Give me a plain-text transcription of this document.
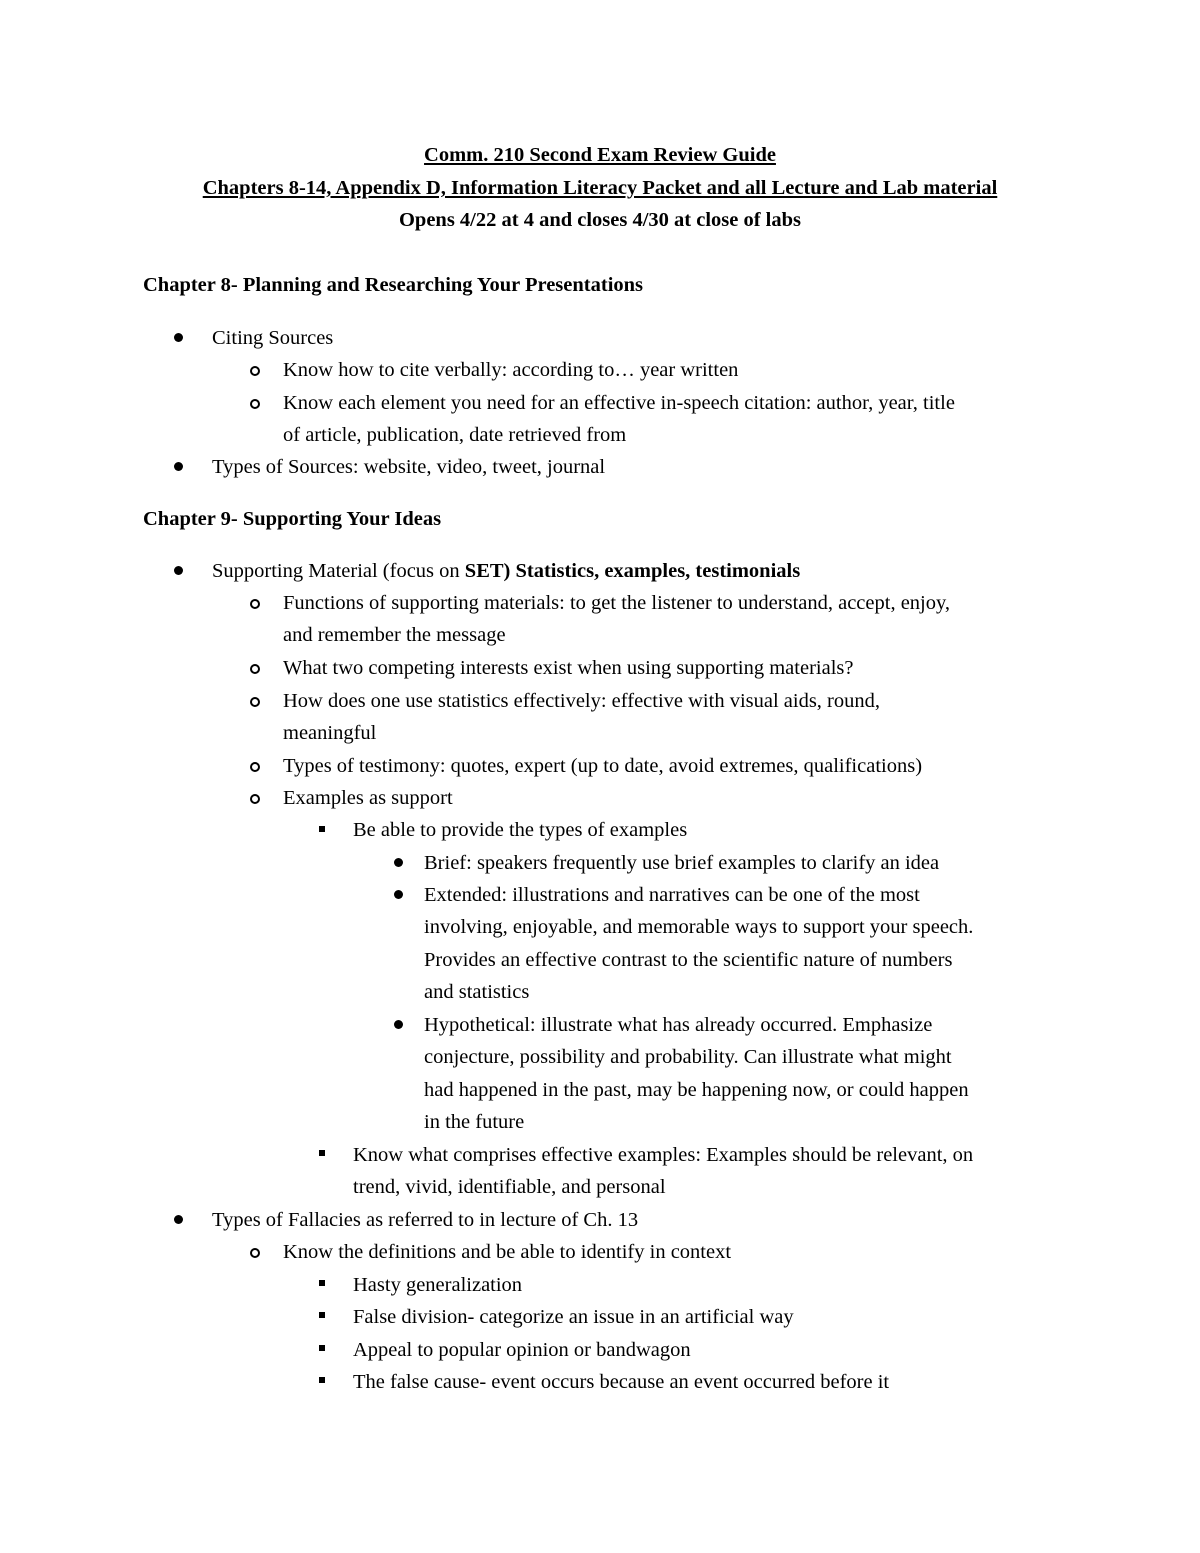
Comm. 210 Second Exam Review Guide
Chapters 8-14, Appendix D, Information Literacy Packet and all Lecture and Lab material
Opens 4/22 at 4 and closes 4/30 at close of labs
Chapter 8- Planning and Researching Your Presentations
Citing Sources
Know how to cite verbally: according to… year written
Know each element you need for an effective in-speech citation: author, year, title
of article, publication, date retrieved from
Types of Sources: website, video, tweet, journal
Chapter 9- Supporting Your Ideas
Supporting Material (focus on SET) Statistics, examples, testimonials
Functions of supporting materials: to get the listener to understand, accept, enjoy,
and remember the message
What two competing interests exist when using supporting materials?
How does one use statistics effectively: effective with visual aids, round,
meaningful
Types of testimony: quotes, expert (up to date, avoid extremes, qualifications)
Examples as support
Be able to provide the types of examples
Brief: speakers frequently use brief examples to clarify an idea
Extended: illustrations and narratives can be one of the most
involving, enjoyable, and memorable ways to support your speech.
Provides an effective contrast to the scientific nature of numbers
and statistics
Hypothetical: illustrate what has already occurred. Emphasize
conjecture, possibility and probability. Can illustrate what might
had happened in the past, may be happening now, or could happen
in the future
Know what comprises effective examples: Examples should be relevant, on
trend, vivid, identifiable, and personal
Types of Fallacies as referred to in lecture of Ch. 13
Know the definitions and be able to identify in context
Hasty generalization
False division- categorize an issue in an artificial way
Appeal to popular opinion or bandwagon
The false cause- event occurs because an event occurred before it
